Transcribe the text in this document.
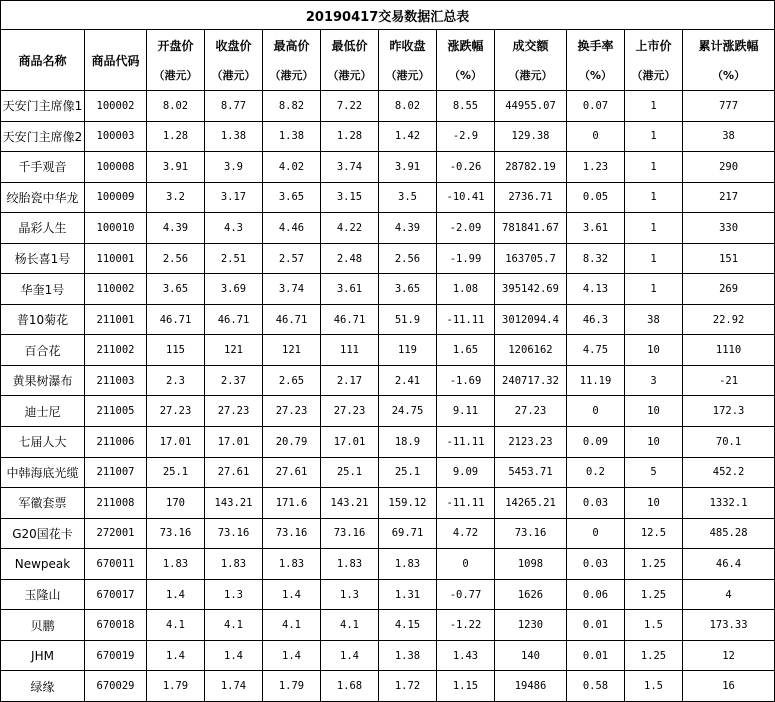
20190417交易数据汇总表											
商品名称	商品代码	开盘价	收盘价	最高价	最低价	昨收盘	涨跌幅	成交额	换手率	上市价	累计涨跌幅
		（港元）	（港元）	（港元）	（港元）	（港元）	（%）	（港元）	（%）	（港元）	（%）
天安门主席像1	100002	8.02	8.77	8.82	7.22	8.02	8.55	44955.07	0.07	1	777
天安门主席像2	100003	1.28	1.38	1.38	1.28	1.42	-2.9	129.38	0	1	38
千手观音	100008	3.91	3.9	4.02	3.74	3.91	-0.26	28782.19	1.23	1	290
绞胎瓷中华龙	100009	3.2	3.17	3.65	3.15	3.5	-10.41	2736.71	0.05	1	217
晶彩人生	100010	4.39	4.3	4.46	4.22	4.39	-2.09	781841.67	3.61	1	330
杨长喜1号	110001	2.56	2.51	2.57	2.48	2.56	-1.99	163705.7	8.32	1	151
华奎1号	110002	3.65	3.69	3.74	3.61	3.65	1.08	395142.69	4.13	1	269
普10菊花	211001	46.71	46.71	46.71	46.71	51.9	-11.11	3012094.4	46.3	38	22.92
百合花	211002	115	121	121	111	119	1.65	1206162	4.75	10	1110
黄果树瀑布	211003	2.3	2.37	2.65	2.17	2.41	-1.69	240717.32	11.19	3	-21
迪士尼	211005	27.23	27.23	27.23	27.23	24.75	9.11	27.23	0	10	172.3
七届人大	211006	17.01	17.01	20.79	17.01	18.9	-11.11	2123.23	0.09	10	70.1
中韩海底光缆	211007	25.1	27.61	27.61	25.1	25.1	9.09	5453.71	0.2	5	452.2
军徽套票	211008	170	143.21	171.6	143.21	159.12	-11.11	14265.21	0.03	10	1332.1
G20国花卡	272001	73.16	73.16	73.16	73.16	69.71	4.72	73.16	0	12.5	485.28
Newpeak	670011	1.83	1.83	1.83	1.83	1.83	0	1098	0.03	1.25	46.4
玉隆山	670017	1.4	1.3	1.4	1.3	1.31	-0.77	1626	0.06	1.25	4
贝鹏	670018	4.1	4.1	4.1	4.1	4.15	-1.22	1230	0.01	1.5	173.33
JHM	670019	1.4	1.4	1.4	1.4	1.38	1.43	140	0.01	1.25	12
绿缘	670029	1.79	1.74	1.79	1.68	1.72	1.15	19486	0.58	1.5	16
